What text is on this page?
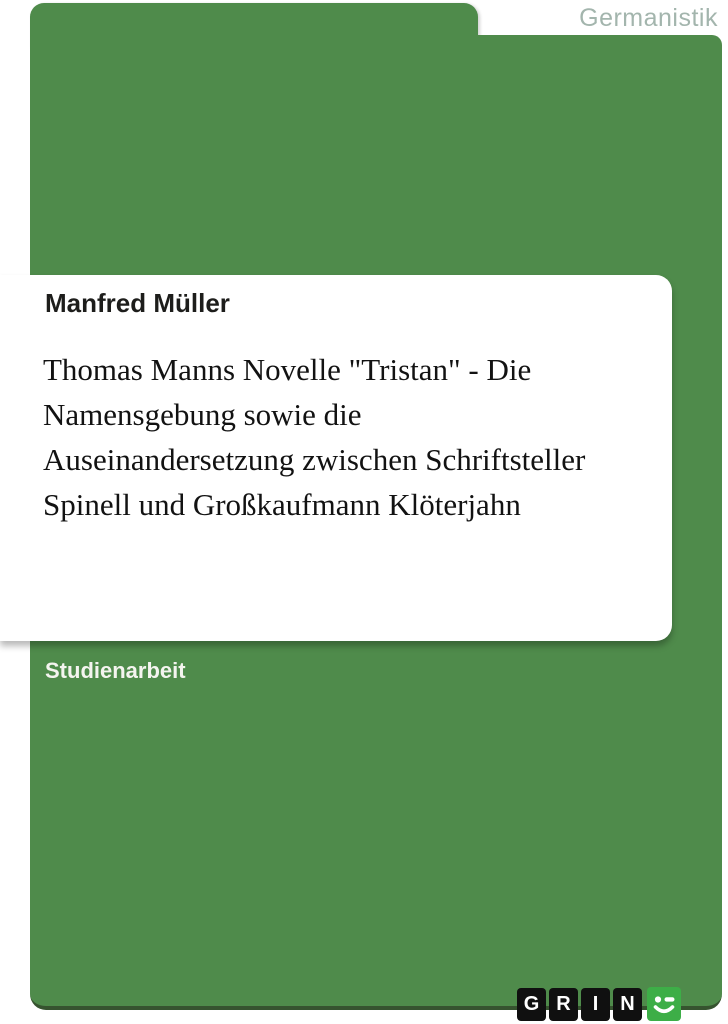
Germanistik
Manfred Müller
Thomas Manns Novelle "Tristan" - Die
Namensgebung sowie die
Auseinandersetzung zwischen Schriftsteller
Spinell und Großkaufmann Klöterjahn
Studienarbeit
G R	I	N
